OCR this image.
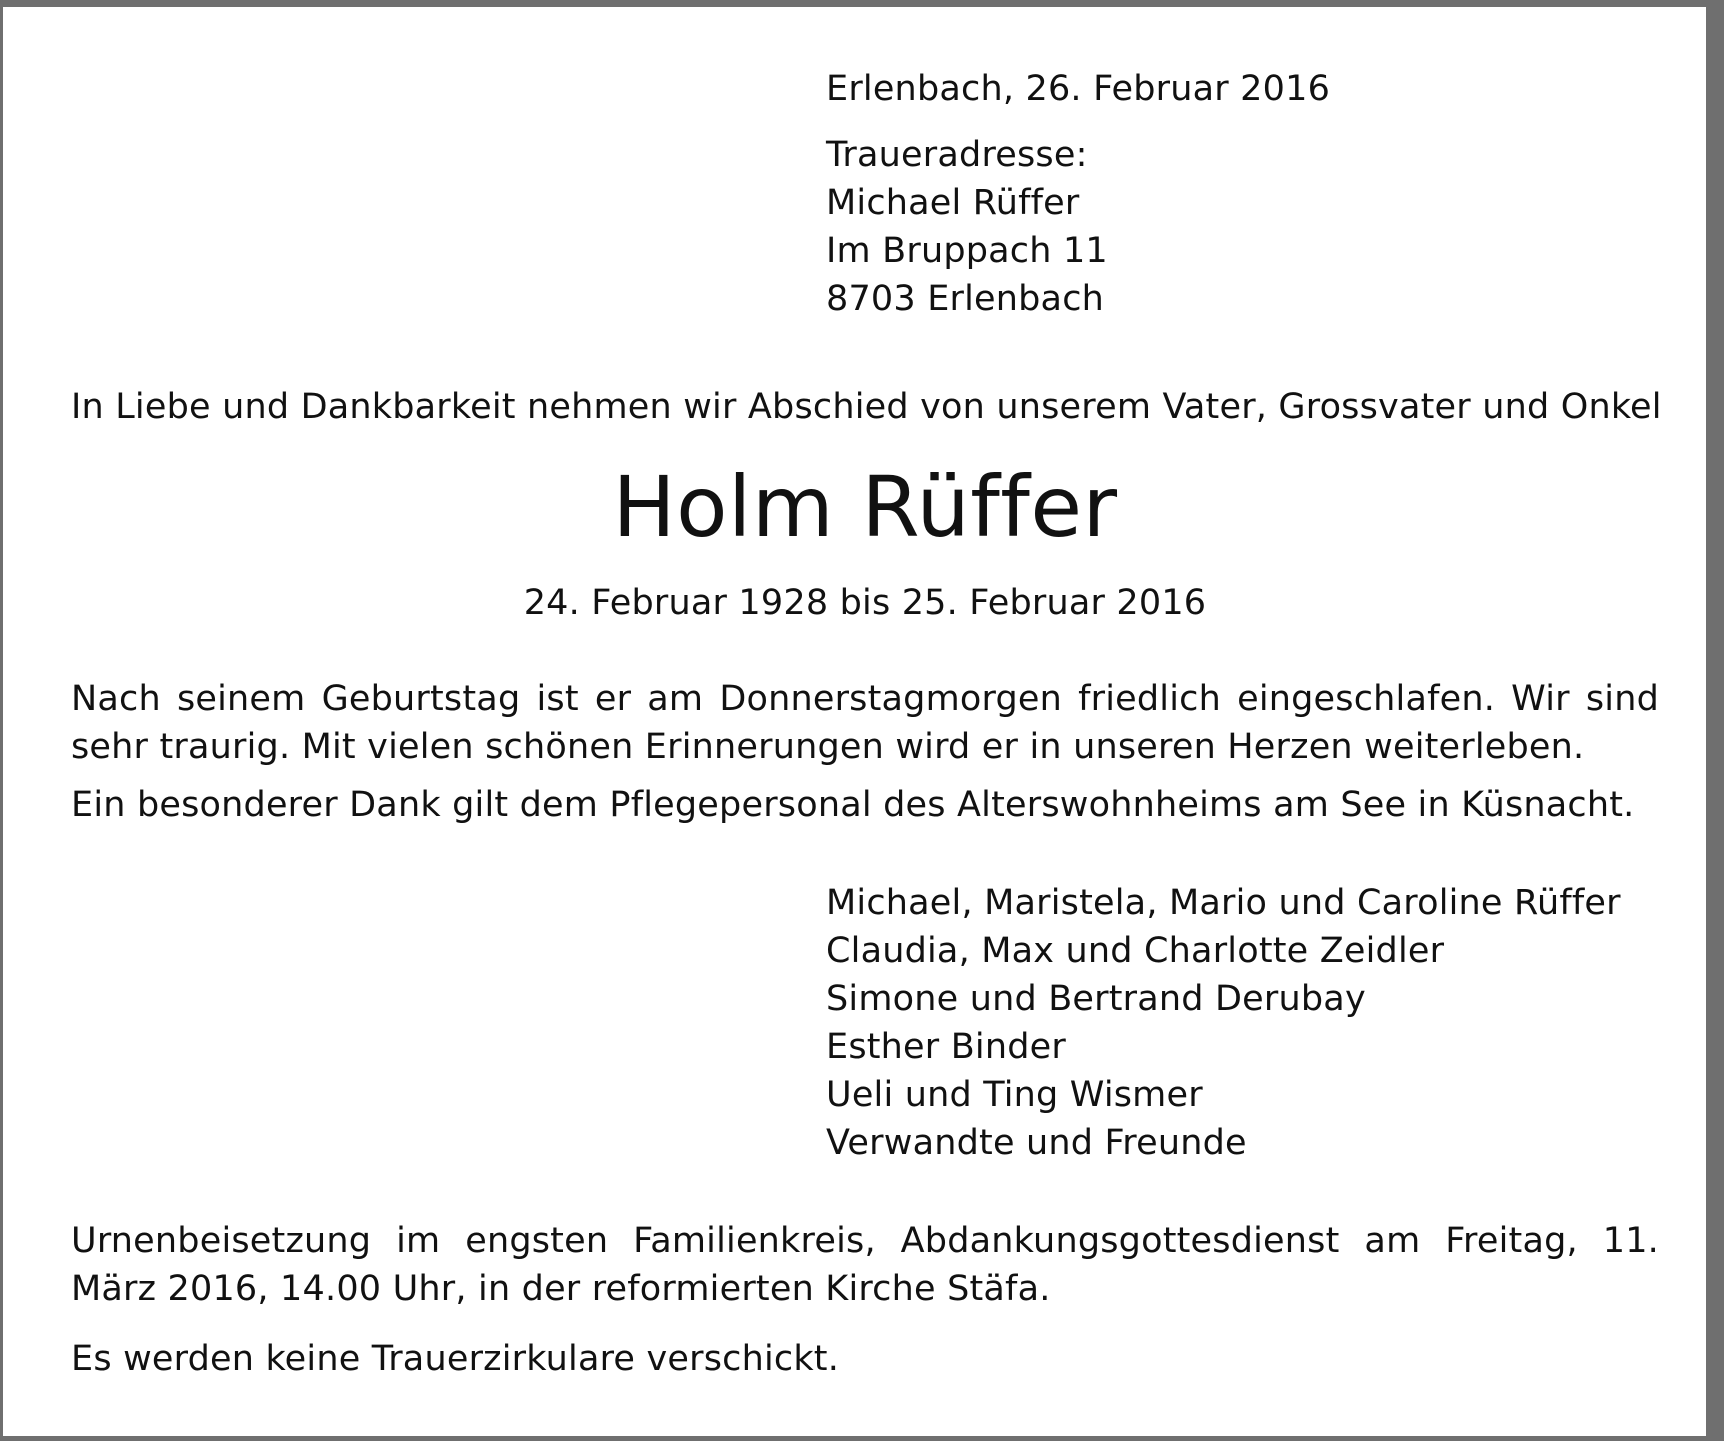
Erlenbach, 26. Februar 2016
Traueradresse:
Michael Rüffer
Im Bruppach 11
8703 Erlenbach
In Liebe und Dankbarkeit nehmen wir Abschied von unserem Vater, Grossvater und Onkel
Holm Rüffer
24. Februar 1928 bis 25. Februar 2016
Nach seinem Geburtstag ist er am Donnerstagmorgen friedlich eingeschlafen. Wir sind sehr traurig. Mit vielen schönen Erinnerungen wird er in unseren Herzen weiterleben.
Ein besonderer Dank gilt dem Pflegepersonal des Alterswohnheims am See in Küsnacht.
Michael, Maristela, Mario und Caroline Rüffer
Claudia, Max und Charlotte Zeidler
Simone und Bertrand Derubay
Esther Binder
Ueli und Ting Wismer
Verwandte und Freunde
Urnenbeisetzung im engsten Familienkreis, Abdankungsgottesdienst am Freitag, 11. März 2016, 14.00 Uhr, in der reformierten Kirche Stäfa.
Es werden keine Trauerzirkulare verschickt.
